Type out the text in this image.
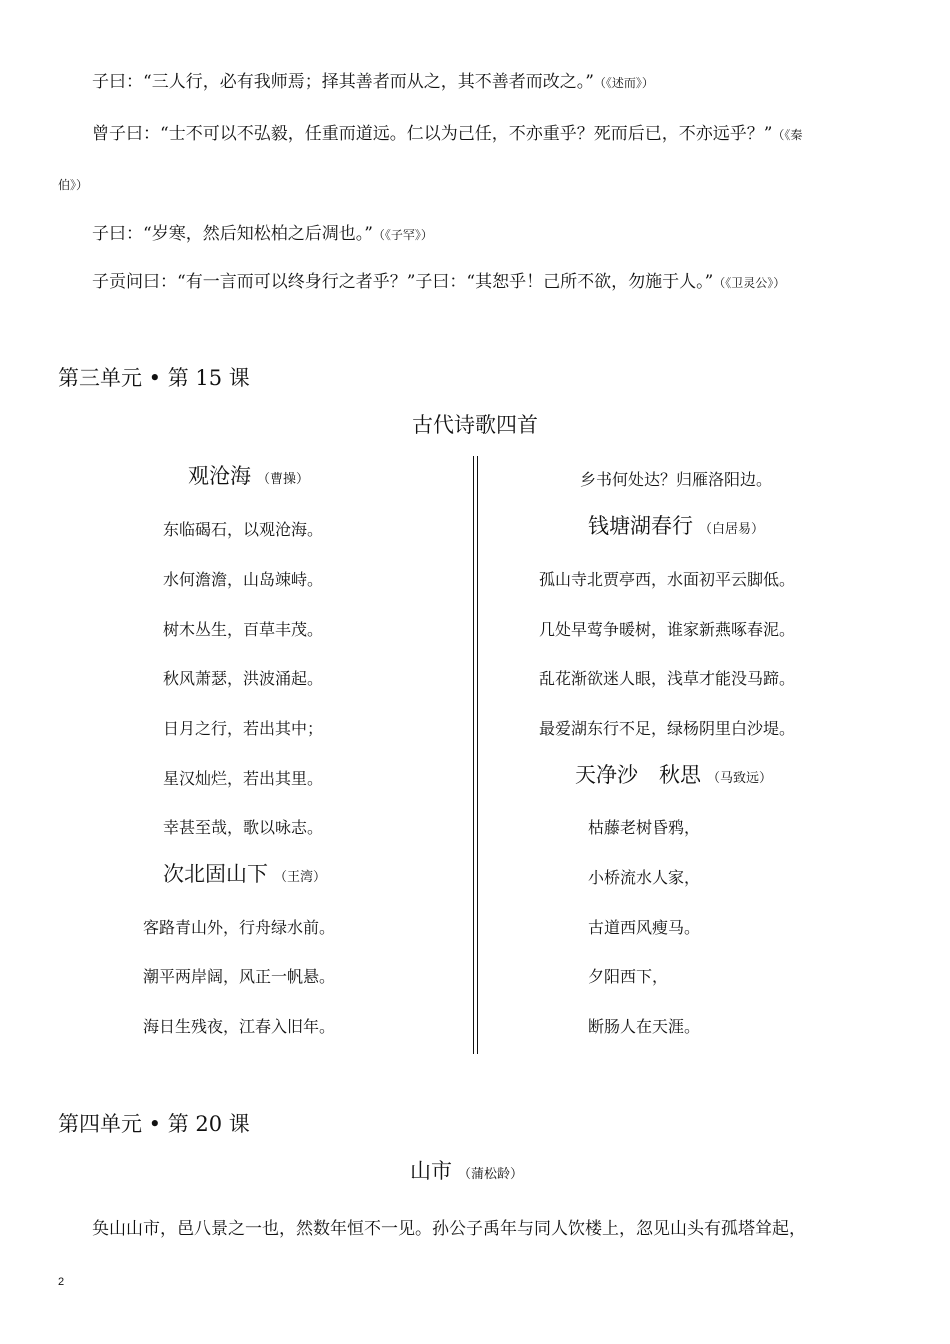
子曰：“三人行，必有我师焉；择其善者而从之，其不善者而改之。”（《述而》）

曾子曰：“士不可以不弘毅，任重而道远。仁以为己任，不亦重乎？死而后已，不亦远乎？”（《秦

伯》）

子曰：“岁寒，然后知松柏之后凋也。”（《子罕》）

子贡问曰：“有一言而可以终身行之者乎？”子曰：“其恕乎！己所不欲，勿施于人。”（《卫灵公》）

第三单元 • 第 15 课
古代诗歌四首
观沧海 （曹操）
东临碣石，以观沧海。
水何澹澹，山岛竦峙。
树木丛生，百草丰茂。
秋风萧瑟，洪波涌起。
日月之行，若出其中；
星汉灿烂，若出其里。
幸甚至哉，歌以咏志。
次北固山下 （王湾）
客路青山外，行舟绿水前。
潮平两岸阔，风正一帆悬。
海日生残夜，江春入旧年。
乡书何处达？归雁洛阳边。
钱塘湖春行 （白居易）
孤山寺北贾亭西，水面初平云脚低。
几处早莺争暖树，谁家新燕啄春泥。
乱花渐欲迷人眼，浅草才能没马蹄。
最爱湖东行不足，绿杨阴里白沙堤。
天净沙　秋思 （马致远）
枯藤老树昏鸦，
小桥流水人家，
古道西风瘦马。
夕阳西下，
断肠人在天涯。
第四单元 • 第 20 课
山市 （蒲松龄）

奂山山市，邑八景之一也，然数年恒不一见。孙公子禹年与同人饮楼上，忽见山头有孤塔耸起，

2
